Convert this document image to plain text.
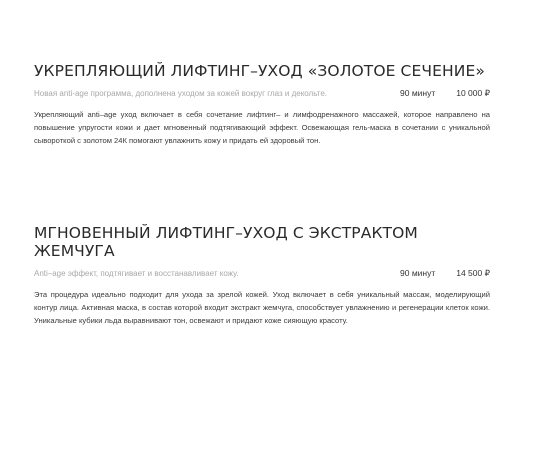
УКРЕПЛЯЮЩИЙ ЛИФТИНГ–УХОД «ЗОЛОТОЕ СЕЧЕНИЕ»
Новая anti-age программа, дополнена уходом за кожей вокруг глаз и декольте.	90 минут	10 000 ₽

Укрепляющий anti–age уход включает в себя сочетание лифтинг– и лимфодренажного массажей, которое направлено на повышение упругости кожи и дает мгновенный подтягивающий эффект. Освежающая гель-маска в сочетании с уникальной сывороткой с золотом 24К помогают увлажнить кожу и придать ей здоровый тон.

МГНОВЕННЫЙ ЛИФТИНГ–УХОД С ЭКСТРАКТОМ ЖЕМЧУГА
Anti–age эффект, подтягивает и восстанавливает кожу.	90 минут	14 500 ₽

Эта процедура идеально подходит для ухода за зрелой кожей. Уход включает в себя уникальный массаж, моделирующий контур лица. Активная маска, в состав которой входит экстракт жемчуга, способствует увлажнению и регенерации клеток кожи. Уникальные кубики льда выравнивают тон, освежают и придают коже сияющую красоту.
